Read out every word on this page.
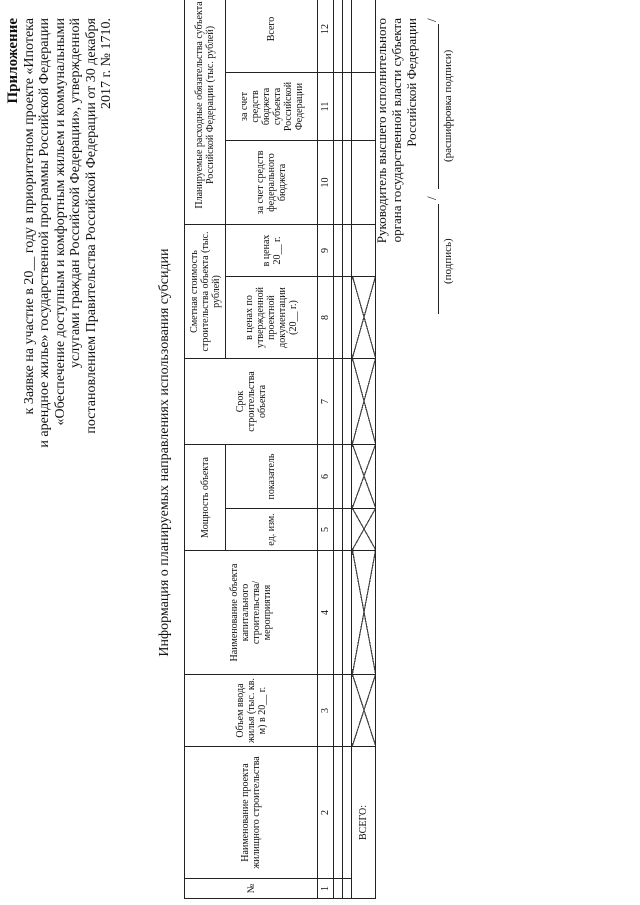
Приложение к Заявке на участие в 20__ году в приоритетном проекте «Ипотека и арендное жилье» государственной программы Российской Федерации «Обеспечение доступным и комфортным жильем и коммунальными услугами граждан Российской Федерации», утвержденной постановлением Правительства Российской Федерации от 30 декабря 2017 г. № 1710.
Информация о планируемых направлениях использования субсидии
№	Наименование проекта жилищного строительства	Объем ввода жилья (тыс. кв. м) в 20__ г.	Наименование объекта капитального строительства/ мероприятия	Мощность объекта		Срок строительства объекта	Сметная стоимость строительства объекта (тыс. рублей)		Планируемые расходные обязательства субъекта Российской Федерации (тыс. рублей)		
				ед. изм.	показатель		в ценах по утвержденной проектной документации (20__ г.)	в ценах 20__ г.	за счет средств федерального бюджета	за счет средств бюджета субъекта Российской Федерации	Всего
1	2	3	4	5	6	7	8	9	10	11	12

ВСЕГО:											
Руководитель высшего исполнительного органа государственной власти субъекта Российской Федерации
/
/
(подпись)
(расшифровка подписи)
